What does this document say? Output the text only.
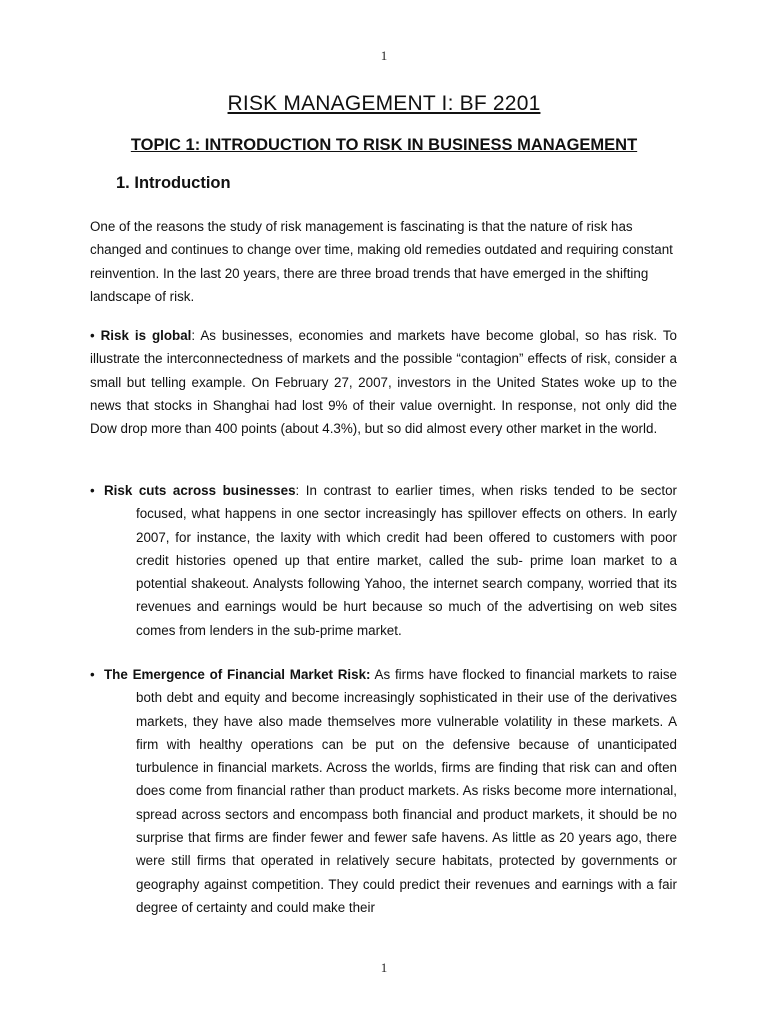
1
RISK MANAGEMENT I: BF 2201
TOPIC 1: INTRODUCTION TO RISK IN BUSINESS MANAGEMENT
1. Introduction

One of the reasons the study of risk management is fascinating is that the nature of risk has changed and continues to change over time, making old remedies outdated and requiring constant reinvention. In the last 20 years, there are three broad trends that have emerged in the shifting landscape of risk.

• Risk is global: As businesses, economies and markets have become global, so has risk. To illustrate the interconnectedness of markets and the possible “contagion” effects of risk, consider a small but telling example. On February 27, 2007, investors in the United States woke up to the news that stocks in Shanghai had lost 9% of their value overnight. In response, not only did the Dow drop more than 400 points (about 4.3%), but so did almost every other market in the world.

• Risk cuts across businesses: In contrast to earlier times, when risks tended to be sector focused, what happens in one sector increasingly has spillover effects on others. In early 2007, for instance, the laxity with which credit had been offered to customers with poor credit histories opened up that entire market, called the sub- prime loan market to a potential shakeout. Analysts following Yahoo, the internet search company, worried that its revenues and earnings would be hurt because so much of the advertising on web sites comes from lenders in the sub-prime market.

• The Emergence of Financial Market Risk: As firms have flocked to financial markets to raise both debt and equity and become increasingly sophisticated in their use of the derivatives markets, they have also made themselves more vulnerable volatility in these markets. A firm with healthy operations can be put on the defensive because of unanticipated turbulence in financial markets. Across the worlds, firms are finding that risk can and often does come from financial rather than product markets. As risks become more international, spread across sectors and encompass both financial and product markets, it should be no surprise that firms are finder fewer and fewer safe havens. As little as 20 years ago, there were still firms that operated in relatively secure habitats, protected by governments or geography against competition. They could predict their revenues and earnings with a fair degree of certainty and could make their

1
